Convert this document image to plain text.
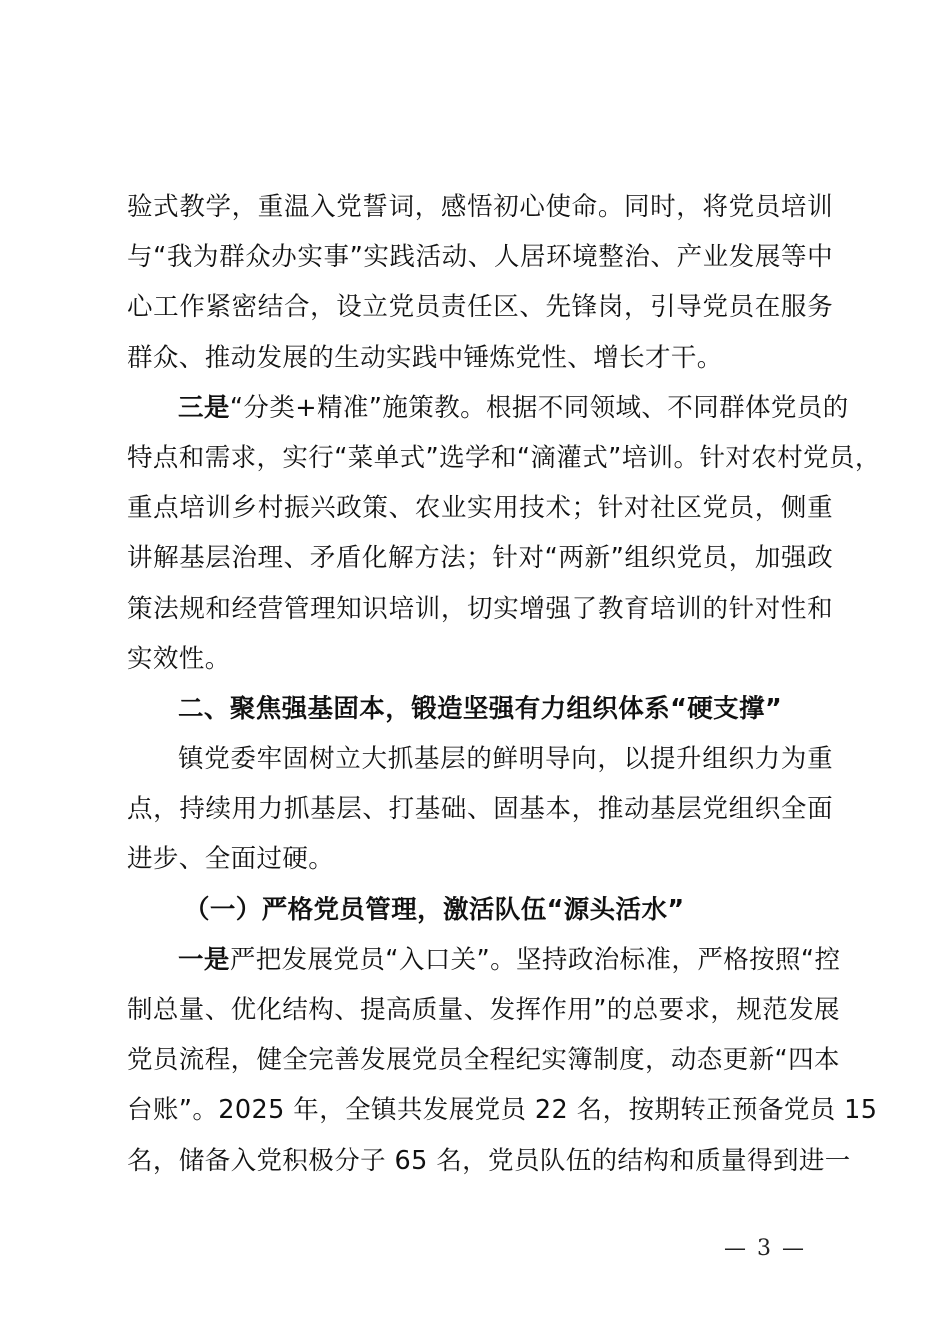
验式教学，重温入党誓词，感悟初心使命。同时，将党员培训
与“我为群众办实事”实践活动、人居环境整治、产业发展等中
心工作紧密结合，设立党员责任区、先锋岗，引导党员在服务
群众、推动发展的生动实践中锤炼党性、增长才干。
三是“分类+精准”施策教。根据不同领域、不同群体党员的
特点和需求，实行“菜单式”选学和“滴灌式”培训。针对农村党员，
重点培训乡村振兴政策、农业实用技术；针对社区党员，侧重
讲解基层治理、矛盾化解方法；针对“两新”组织党员，加强政
策法规和经营管理知识培训，切实增强了教育培训的针对性和
实效性。
二、聚焦强基固本，锻造坚强有力组织体系“硬支撑”
镇党委牢固树立大抓基层的鲜明导向，以提升组织力为重
点，持续用力抓基层、打基础、固基本，推动基层党组织全面
进步、全面过硬。
（一）严格党员管理，激活队伍“源头活水”
一是严把发展党员“入口关”。坚持政治标准，严格按照“控
制总量、优化结构、提高质量、发挥作用”的总要求，规范发展
党员流程，健全完善发展党员全程纪实簿制度，动态更新“四本
台账”。2025 年，全镇共发展党员 22 名，按期转正预备党员 15
名，储备入党积极分子 65 名，党员队伍的结构和质量得到进一
— 3 —
